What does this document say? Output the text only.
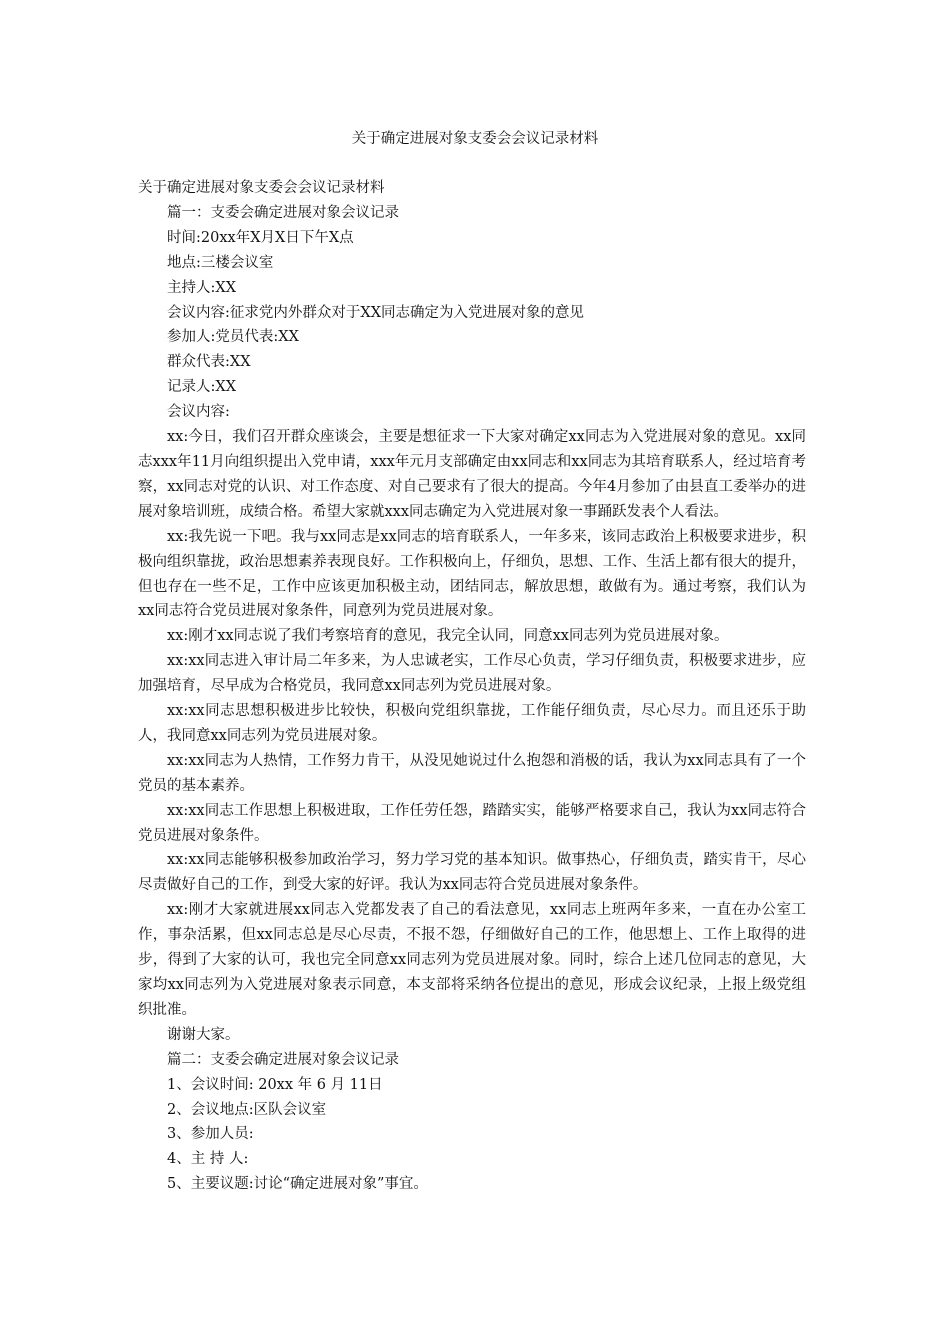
关于确定进展对象支委会会议记录材料

关于确定进展对象支委会会议记录材料

篇一：支委会确定进展对象会议记录

时间:20xx年X月X日下午X点

地点:三楼会议室

主持人:XX

会议内容:征求党内外群众对于XX同志确定为入党进展对象的意见

参加人:党员代表:XX

群众代表:XX

记录人:XX

会议内容:

xx:今日，我们召开群众座谈会，主要是想征求一下大家对确定xx同志为入党进展对象的意见。xx同志xxx年11月向组织提出入党申请，xxx年元月支部确定由xx同志和xx同志为其培育联系人，经过培育考察，xx同志对党的认识、对工作态度、对自己要求有了很大的提高。今年4月参加了由县直工委举办的进展对象培训班，成绩合格。希望大家就xxx同志确定为入党进展对象一事踊跃发表个人看法。

xx:我先说一下吧。我与xx同志是xx同志的培育联系人，一年多来，该同志政治上积极要求进步，积极向组织靠拢，政治思想素养表现良好。工作积极向上，仔细负，思想、工作、生活上都有很大的提升，但也存在一些不足，工作中应该更加积极主动，团结同志，解放思想，敢做有为。通过考察，我们认为xx同志符合党员进展对象条件，同意列为党员进展对象。

xx:刚才xx同志说了我们考察培育的意见，我完全认同，同意xx同志列为党员进展对象。

xx:xx同志进入审计局二年多来，为人忠诚老实，工作尽心负责，学习仔细负责，积极要求进步，应加强培育，尽早成为合格党员，我同意xx同志列为党员进展对象。

xx:xx同志思想积极进步比较快，积极向党组织靠拢，工作能仔细负责，尽心尽力。而且还乐于助人，我同意xx同志列为党员进展对象。

xx:xx同志为人热情，工作努力肯干，从没见她说过什么抱怨和消极的话，我认为xx同志具有了一个党员的基本素养。

xx:xx同志工作思想上积极进取，工作任劳任怨，踏踏实实，能够严格要求自己，我认为xx同志符合党员进展对象条件。

xx:xx同志能够积极参加政治学习，努力学习党的基本知识。做事热心，仔细负责，踏实肯干，尽心尽责做好自己的工作，到受大家的好评。我认为xx同志符合党员进展对象条件。

xx:刚才大家就进展xx同志入党都发表了自己的看法意见，xx同志上班两年多来，一直在办公室工作，事杂活累，但xx同志总是尽心尽责，不报不怨，仔细做好自己的工作，他思想上、工作上取得的进步，得到了大家的认可，我也完全同意xx同志列为党员进展对象。同时，综合上述几位同志的意见，大家均xx同志列为入党进展对象表示同意，本支部将采纳各位提出的意见，形成会议纪录，上报上级党组织批准。

谢谢大家。

篇二：支委会确定进展对象会议记录

1、会议时间: 20xx 年 6 月 11日

2、会议地点:区队会议室

3、参加人员:

4、主 持 人:

5、主要议题:讨论“确定进展对象”事宜。
